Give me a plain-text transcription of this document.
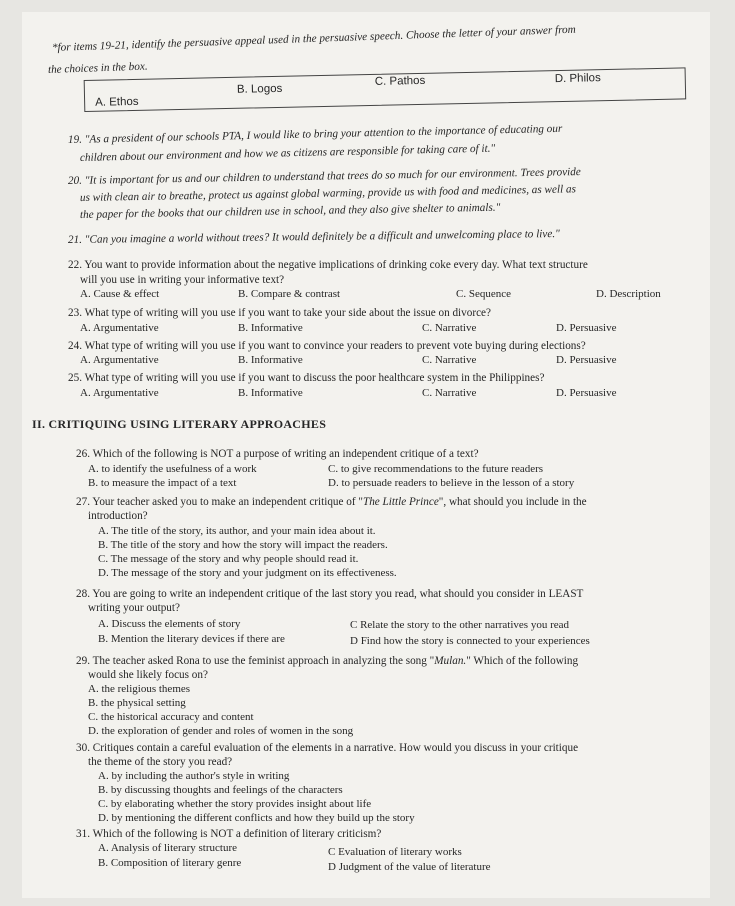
*for items 19-21, identify the persuasive appeal used in the persuasive speech. Choose the letter of your answer from
the choices in the box.
A. Ethos
B. Logos
C. Pathos	D. Philos
19. "As a president of our schools PTA, I would like to bring your attention to the importance of educating our
children about our environment and how we as citizens are responsible for taking care of it."
20. "It is important for us and our children to understand that trees do so much for our environment. Trees provide
us with clean air to breathe, protect us against global warming, provide us with food and medicines, as well as
the paper for the books that our children use in school, and they also give shelter to animals."
21. "Can you imagine a world without trees? It would definitely be a difficult and unwelcoming place to live."
22. You want to provide information about the negative implications of drinking coke every day. What text structure
will you use in writing your informative text?
A. Cause & effect	B. Compare & contrast	C. Sequence	D. Description
23. What type of writing will you use if you want to take your side about the issue on divorce?
A. Argumentative	B. Informative	C. Narrative	D. Persuasive
24. What type of writing will you use if you want to convince your readers to prevent vote buying during elections?
A. Argumentative	B. Informative	C. Narrative	D. Persuasive
25. What type of writing will you use if you want to discuss the poor healthcare system in the Philippines?
A. Argumentative	B. Informative	C. Narrative	D. Persuasive
II. CRITIQUING USING LITERARY APPROACHES
26. Which of the following is NOT a purpose of writing an independent critique of a text?
A. to identify the usefulness of a work	C. to give recommendations to the future readers
B. to measure the impact of a text	D. to persuade readers to believe in the lesson of a story
27. Your teacher asked you to make an independent critique of "The Little Prince", what should you include in the
introduction?
A. The title of the story, its author, and your main idea about it.
B. The title of the story and how the story will impact the readers.
C. The message of the story and why people should read it.
D. The message of the story and your judgment on its effectiveness.
28. You are going to write an independent critique of the last story you read, what should you consider in LEAST
writing your output?
A. Discuss the elements of story	C Relate the story to the other narratives you read
B. Mention the literary devices if there are	D Find how the story is connected to your experiences
29. The teacher asked Rona to use the feminist approach in analyzing the song "Mulan." Which of the following
would she likely focus on?
A. the religious themes
B. the physical setting
C. the historical accuracy and content
D. the exploration of gender and roles of women in the song
30. Critiques contain a careful evaluation of the elements in a narrative. How would you discuss in your critique
the theme of the story you read?
A. by including the author's style in writing
B. by discussing thoughts and feelings of the characters
C. by elaborating whether the story provides insight about life
D. by mentioning the different conflicts and how they build up the story
31. Which of the following is NOT a definition of literary criticism?
A. Analysis of literary structure	C Evaluation of literary works
B. Composition of literary genre	D Judgment of the value of literature
